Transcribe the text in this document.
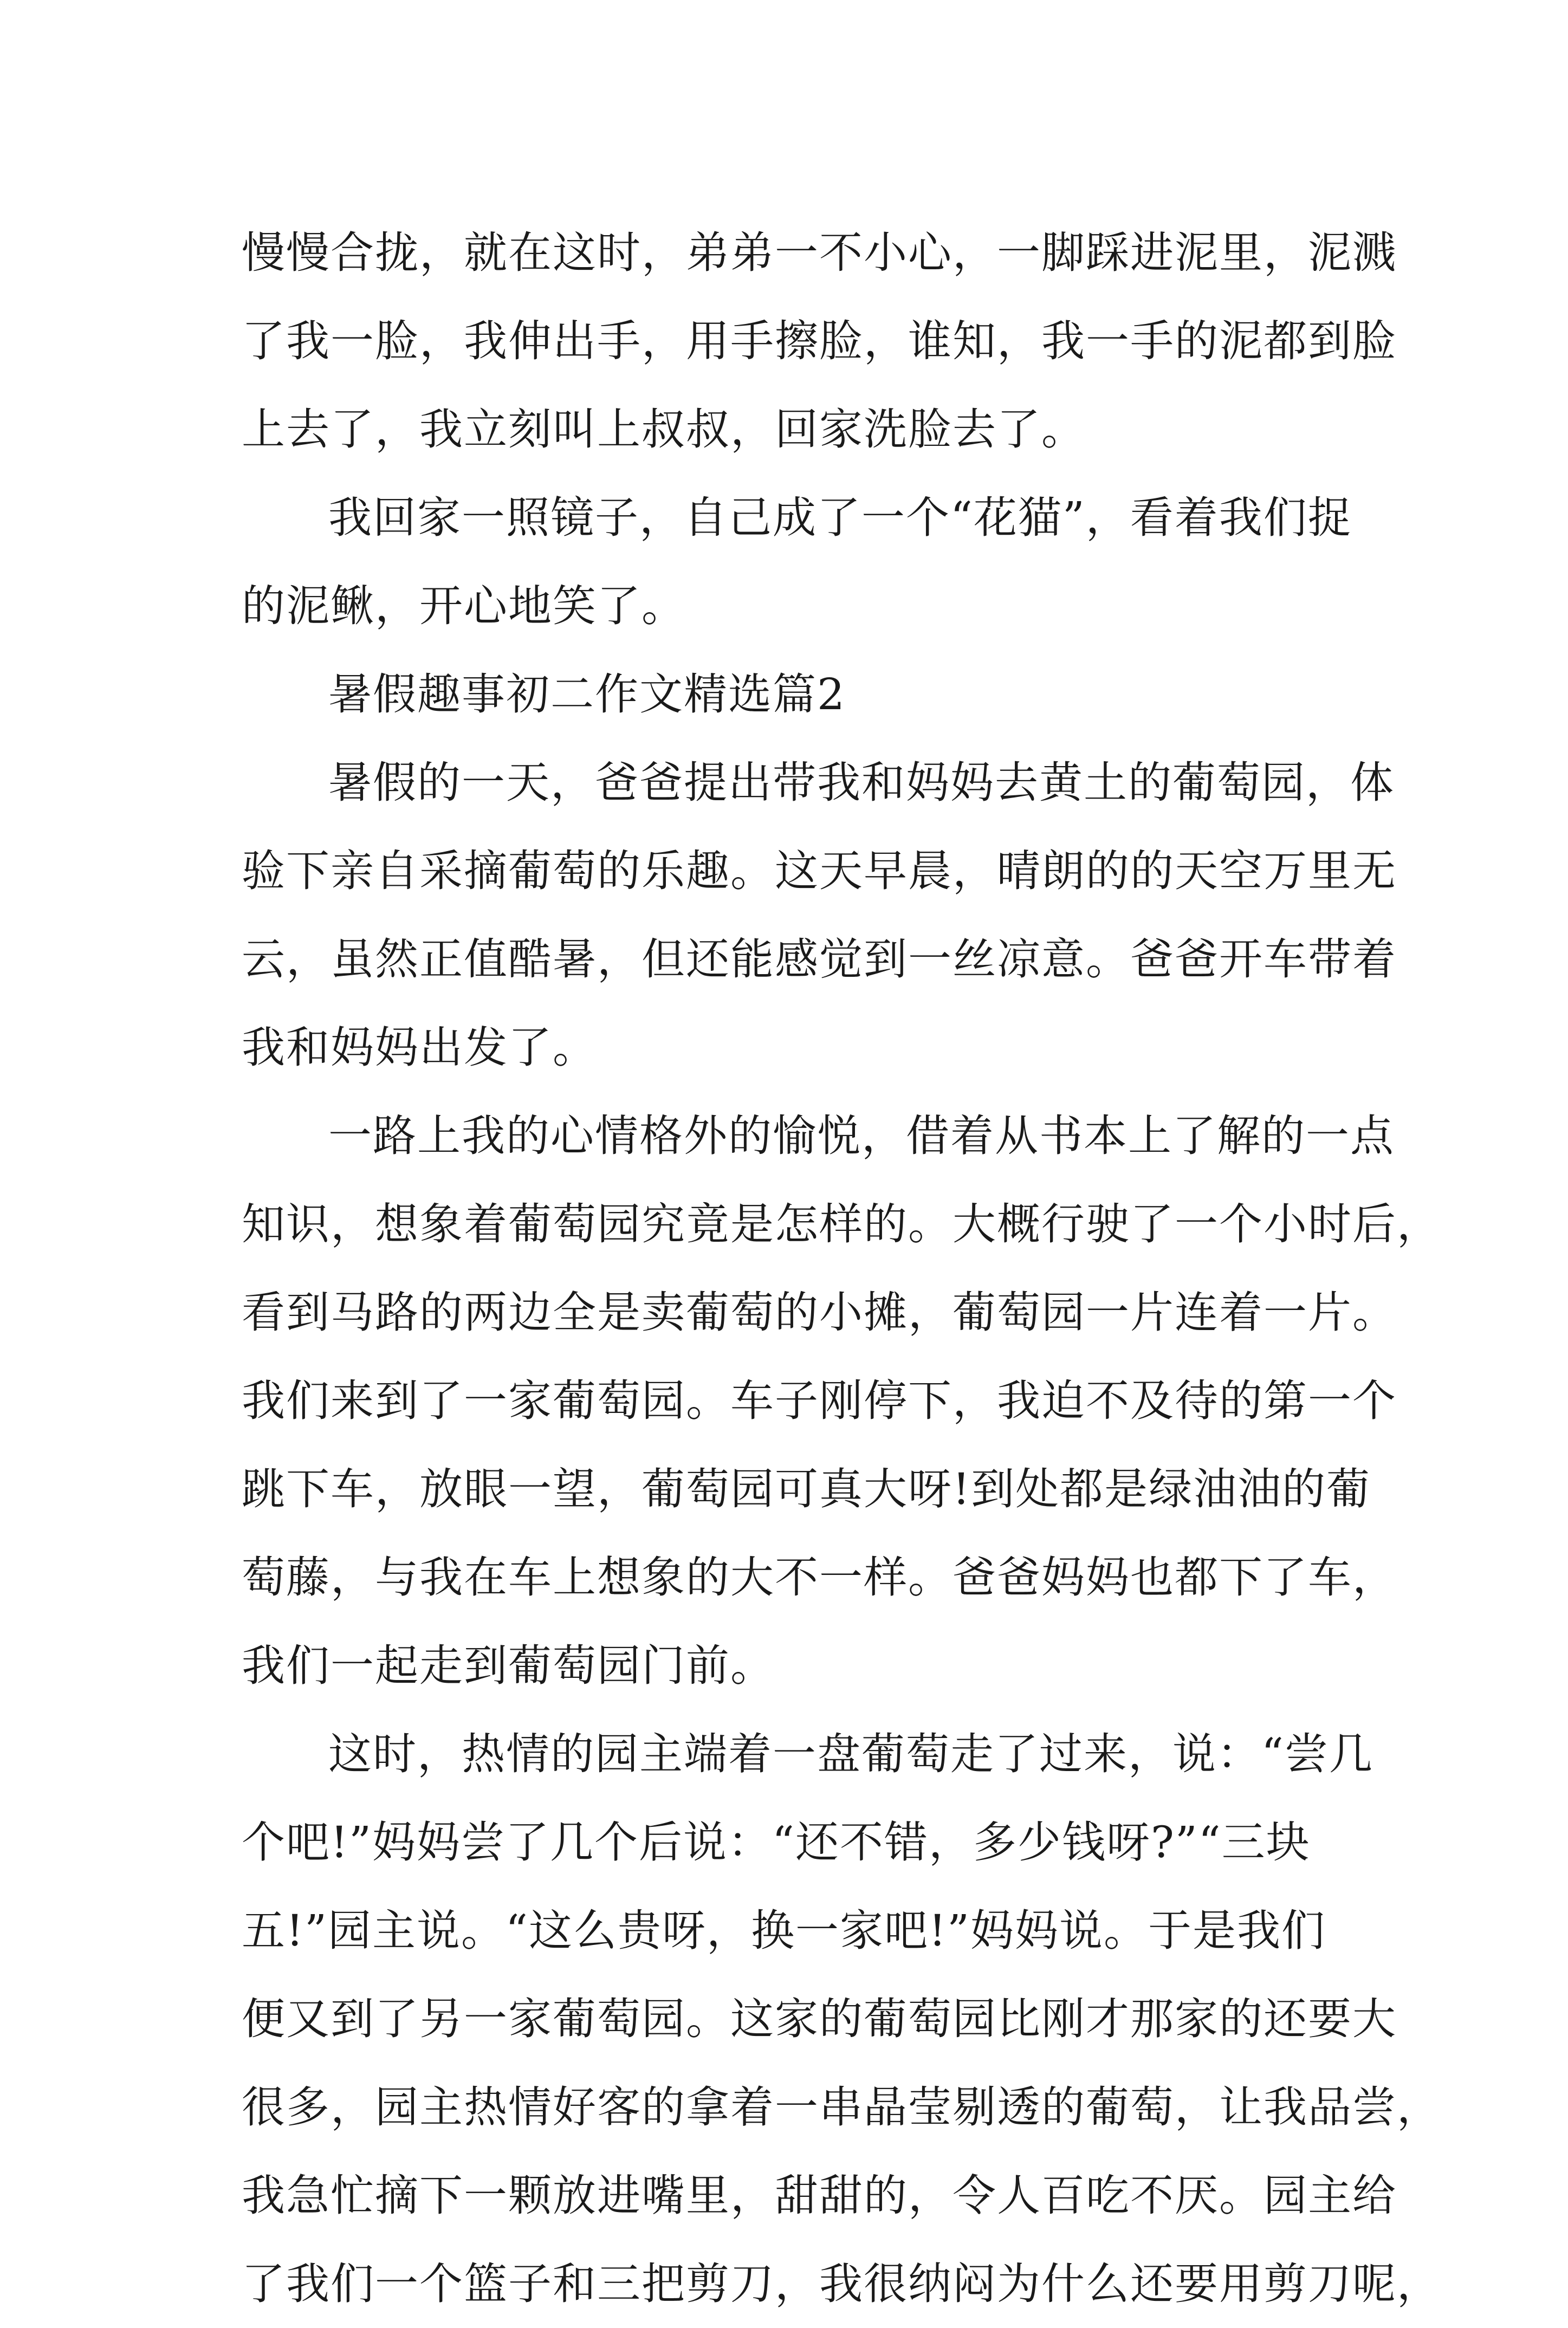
慢慢合拢，就在这时，弟弟一不小心，一脚踩进泥里，泥溅
了我一脸，我伸出手，用手擦脸，谁知，我一手的泥都到脸
上去了，我立刻叫上叔叔，回家洗脸去了。
我回家一照镜子，自己成了一个“花猫”，看着我们捉
的泥鳅，开心地笑了。
暑假趣事初二作文精选篇2
暑假的一天，爸爸提出带我和妈妈去黄土的葡萄园，体
验下亲自采摘葡萄的乐趣。这天早晨，晴朗的的天空万里无
云，虽然正值酷暑，但还能感觉到一丝凉意。爸爸开车带着
我和妈妈出发了。
一路上我的心情格外的愉悦，借着从书本上了解的一点
知识，想象着葡萄园究竟是怎样的。大概行驶了一个小时后，
看到马路的两边全是卖葡萄的小摊，葡萄园一片连着一片。
我们来到了一家葡萄园。车子刚停下，我迫不及待的第一个
跳下车，放眼一望，葡萄园可真大呀!到处都是绿油油的葡
萄藤，与我在车上想象的大不一样。爸爸妈妈也都下了车，
我们一起走到葡萄园门前。
这时，热情的园主端着一盘葡萄走了过来，说：“尝几
个吧!”妈妈尝了几个后说：“还不错，多少钱呀?”“三块
五!”园主说。“这么贵呀，换一家吧!”妈妈说。于是我们
便又到了另一家葡萄园。这家的葡萄园比刚才那家的还要大
很多，园主热情好客的拿着一串晶莹剔透的葡萄，让我品尝，
我急忙摘下一颗放进嘴里，甜甜的，令人百吃不厌。园主给
了我们一个篮子和三把剪刀，我很纳闷为什么还要用剪刀呢，
